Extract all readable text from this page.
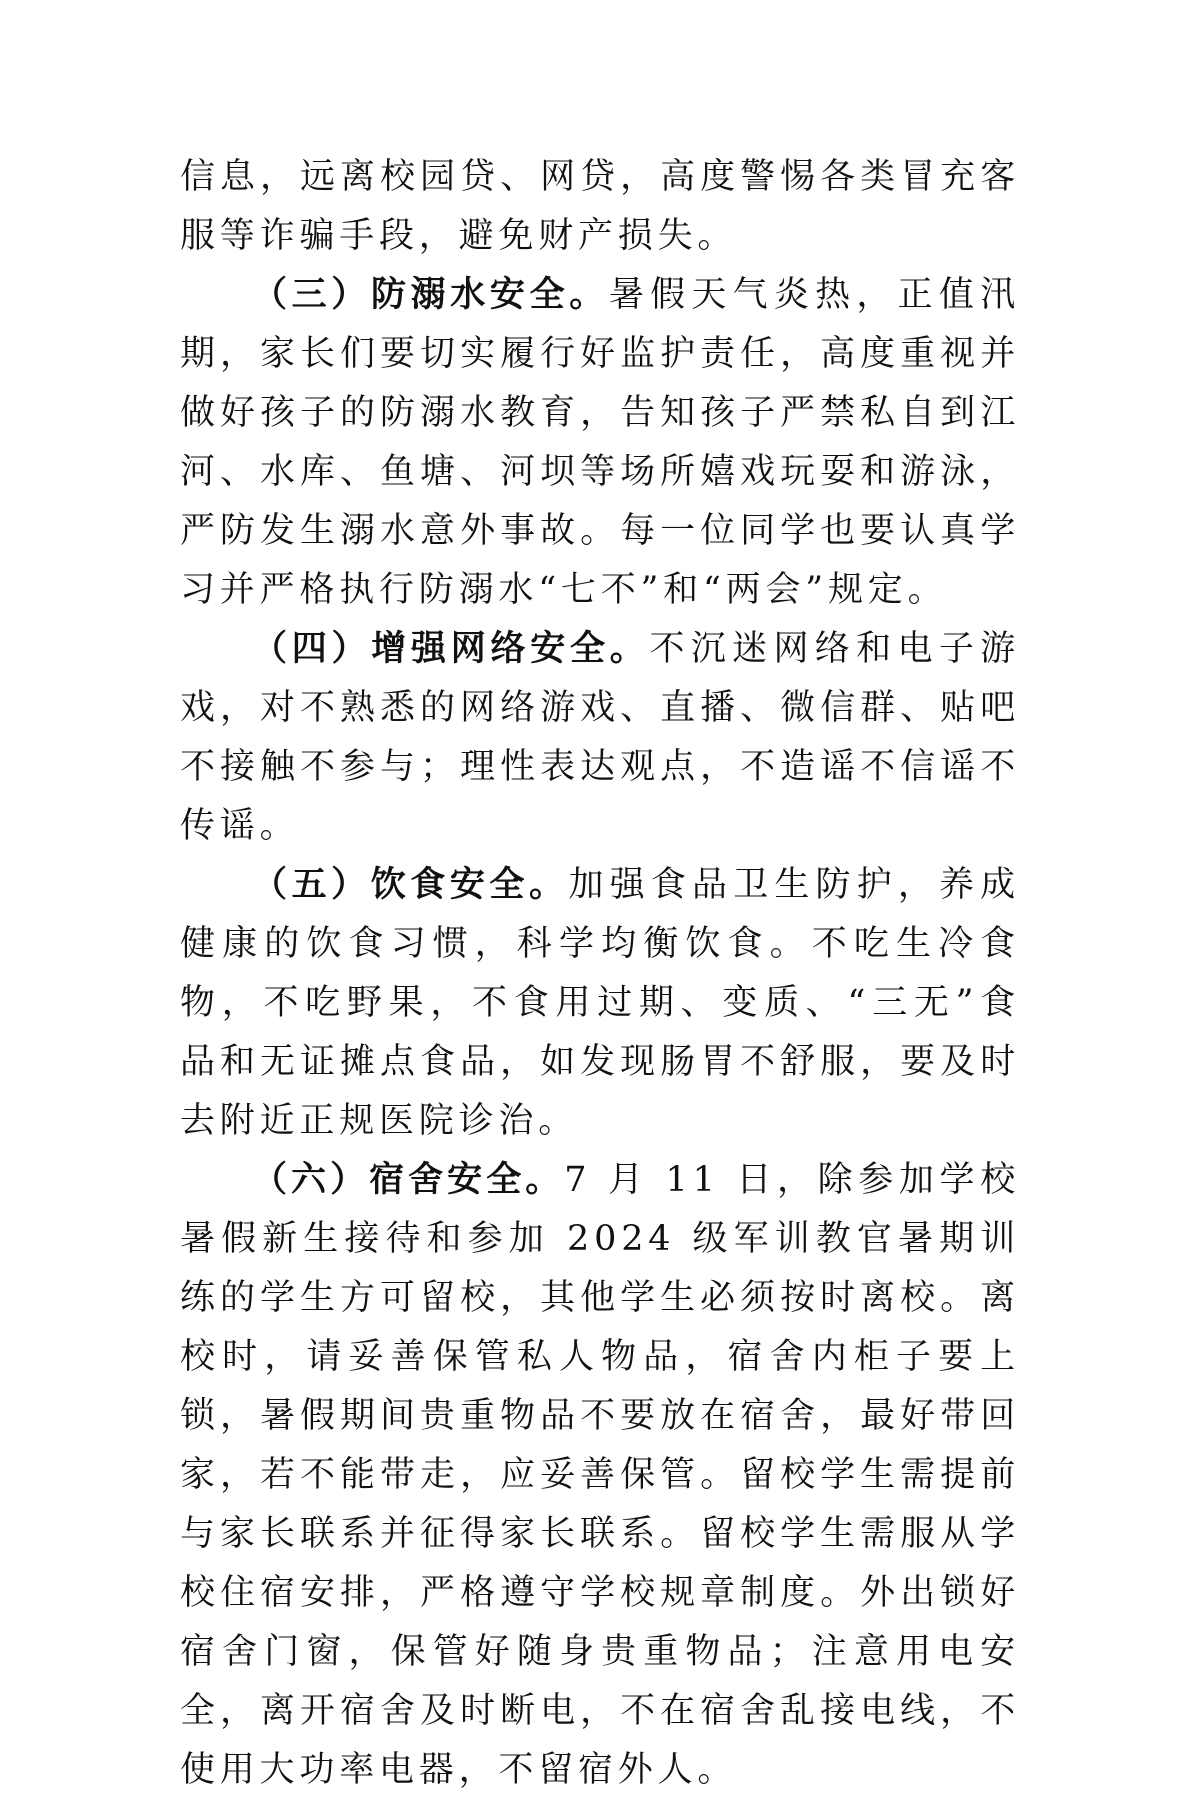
信息，远离校园贷、网贷，高度警惕各类冒充客服等诈骗手段，避免财产损失。

（三）防溺水安全。暑假天气炎热，正值汛期，家长们要切实履行好监护责任，高度重视并做好孩子的防溺水教育，告知孩子严禁私自到江河、水库、鱼塘、河坝等场所嬉戏玩耍和游泳，严防发生溺水意外事故。每一位同学也要认真学习并严格执行防溺水“七不”和“两会”规定。

（四）增强网络安全。不沉迷网络和电子游戏，对不熟悉的网络游戏、直播、微信群、贴吧不接触不参与；理性表达观点，不造谣不信谣不传谣。

（五）饮食安全。加强食品卫生防护，养成健康的饮食习惯，科学均衡饮食。不吃生冷食物，不吃野果，不食用过期、变质、“三无”食品和无证摊点食品，如发现肠胃不舒服，要及时去附近正规医院诊治。

（六）宿舍安全。7 月 11 日，除参加学校暑假新生接待和参加 2024 级军训教官暑期训练的学生方可留校，其他学生必须按时离校。离校时，请妥善保管私人物品，宿舍内柜子要上锁，暑假期间贵重物品不要放在宿舍，最好带回家，若不能带走，应妥善保管。留校学生需提前与家长联系并征得家长联系。留校学生需服从学校住宿安排，严格遵守学校规章制度。外出锁好宿舍门窗，保管好随身贵重物品；注意用电安全，离开宿舍及时断电，不在宿舍乱接电线，不使用大功率电器，不留宿外人。
